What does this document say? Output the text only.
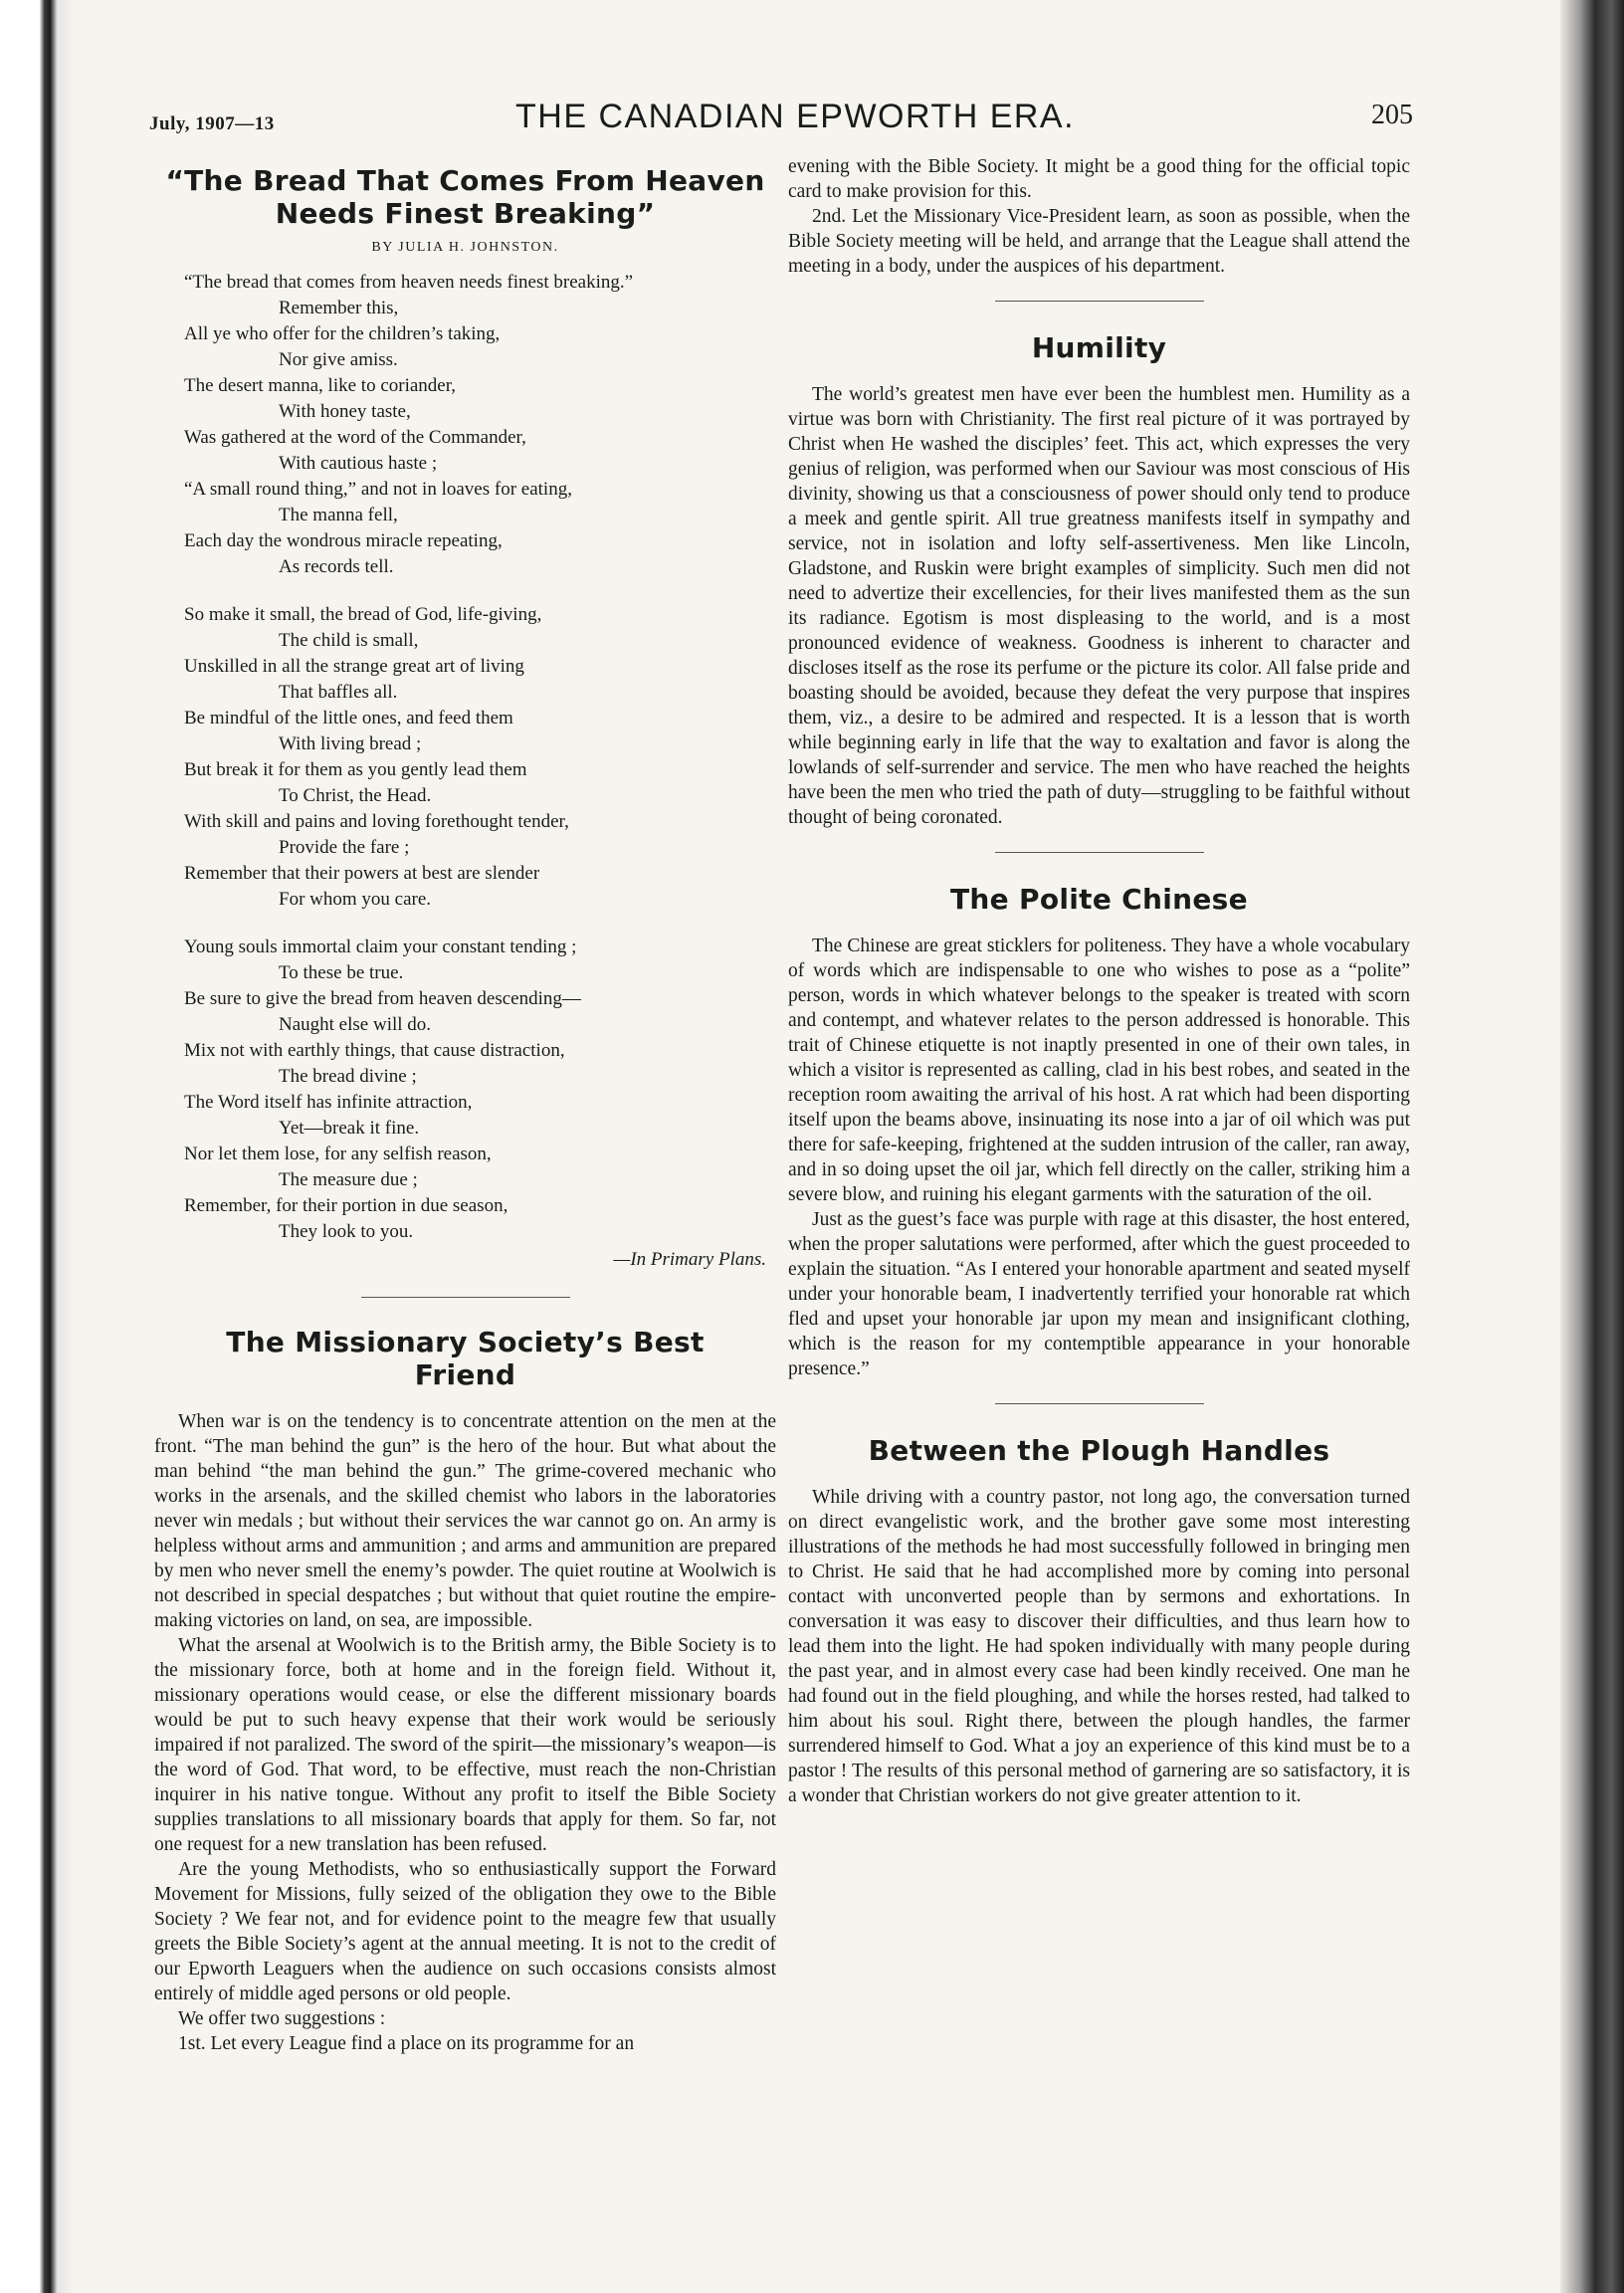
July, 1907—13	THE CANADIAN EPWORTH ERA.	205
“The Bread That Comes From Heaven Needs Finest Breaking”
BY JULIA H. JOHNSTON.
“The bread that comes from heaven needs finest breaking.”
Remember this,
All ye who offer for the children’s taking,
Nor give amiss.
The desert manna, like to coriander,
With honey taste,
Was gathered at the word of the Commander,
With cautious haste ;
“A small round thing,” and not in loaves for eating,
The manna fell,
Each day the wondrous miracle repeating,
As records tell.
So make it small, the bread of God, life-giving,
The child is small,
Unskilled in all the strange great art of living
That baffles all.
Be mindful of the little ones, and feed them
With living bread ;
But break it for them as you gently lead them
To Christ, the Head.
With skill and pains and loving forethought tender,
Provide the fare ;
Remember that their powers at best are slender
For whom you care.
Young souls immortal claim your constant tending ;
To these be true.
Be sure to give the bread from heaven descending—
Naught else will do.
Mix not with earthly things, that cause distraction,
The bread divine ;
The Word itself has infinite attraction,
Yet—break it fine.
Nor let them lose, for any selfish reason,
The measure due ;
Remember, for their portion in due season,
They look to you.
—In Primary Plans.
The Missionary Society’s Best Friend

When war is on the tendency is to concentrate attention on the men at the front. “The man behind the gun” is the hero of the hour. But what about the man behind “the man behind the gun.” The grime-covered mechanic who works in the arsenals, and the skilled chemist who labors in the laboratories never win medals ; but without their services the war cannot go on. An army is helpless without arms and ammunition ; and arms and ammunition are prepared by men who never smell the enemy’s powder. The quiet routine at Woolwich is not described in special despatches ; but without that quiet routine the empire-making victories on land, on sea, are impossible.

What the arsenal at Woolwich is to the British army, the Bible Society is to the missionary force, both at home and in the foreign field. Without it, missionary operations would cease, or else the different missionary boards would be put to such heavy expense that their work would be seriously impaired if not paralized. The sword of the spirit—the missionary’s weapon—is the word of God. That word, to be effective, must reach the non-Christian inquirer in his native tongue. Without any profit to itself the Bible Society supplies translations to all missionary boards that apply for them. So far, not one request for a new translation has been refused.

Are the young Methodists, who so enthusiastically support the Forward Movement for Missions, fully seized of the obligation they owe to the Bible Society ? We fear not, and for evidence point to the meagre few that usually greets the Bible Society’s agent at the annual meeting. It is not to the credit of our Epworth Leaguers when the audience on such occasions consists almost entirely of middle aged persons or old people.

We offer two suggestions :

1st. Let every League find a place on its programme for an

evening with the Bible Society. It might be a good thing for the official topic card to make provision for this.

2nd. Let the Missionary Vice-President learn, as soon as possible, when the Bible Society meeting will be held, and arrange that the League shall attend the meeting in a body, under the auspices of his department.

Humility

The world’s greatest men have ever been the humblest men. Humility as a virtue was born with Christianity. The first real picture of it was portrayed by Christ when He washed the disciples’ feet. This act, which expresses the very genius of religion, was performed when our Saviour was most conscious of His divinity, showing us that a consciousness of power should only tend to produce a meek and gentle spirit. All true greatness manifests itself in sympathy and service, not in isolation and lofty self-assertiveness. Men like Lincoln, Gladstone, and Ruskin were bright examples of simplicity. Such men did not need to advertize their excellencies, for their lives manifested them as the sun its radiance. Egotism is most displeasing to the world, and is a most pronounced evidence of weakness. Goodness is inherent to character and discloses itself as the rose its perfume or the picture its color. All false pride and boasting should be avoided, because they defeat the very purpose that inspires them, viz., a desire to be admired and respected. It is a lesson that is worth while beginning early in life that the way to exaltation and favor is along the lowlands of self-surrender and service. The men who have reached the heights have been the men who tried the path of duty—struggling to be faithful without thought of being coronated.

The Polite Chinese

The Chinese are great sticklers for politeness. They have a whole vocabulary of words which are indispensable to one who wishes to pose as a “polite” person, words in which whatever belongs to the speaker is treated with scorn and contempt, and whatever relates to the person addressed is honorable. This trait of Chinese etiquette is not inaptly presented in one of their own tales, in which a visitor is represented as calling, clad in his best robes, and seated in the reception room awaiting the arrival of his host. A rat which had been disporting itself upon the beams above, insinuating its nose into a jar of oil which was put there for safe-keeping, frightened at the sudden intrusion of the caller, ran away, and in so doing upset the oil jar, which fell directly on the caller, striking him a severe blow, and ruining his elegant garments with the saturation of the oil.

Just as the guest’s face was purple with rage at this disaster, the host entered, when the proper salutations were performed, after which the guest proceeded to explain the situation. “As I entered your honorable apartment and seated myself under your honorable beam, I inadvertently terrified your honorable rat which fled and upset your honorable jar upon my mean and insignificant clothing, which is the reason for my contemptible appearance in your honorable presence.”

Between the Plough Handles

While driving with a country pastor, not long ago, the conversation turned on direct evangelistic work, and the brother gave some most interesting illustrations of the methods he had most successfully followed in bringing men to Christ. He said that he had accomplished more by coming into personal contact with unconverted people than by sermons and exhortations. In conversation it was easy to discover their difficulties, and thus learn how to lead them into the light. He had spoken individually with many people during the past year, and in almost every case had been kindly received. One man he had found out in the field ploughing, and while the horses rested, had talked to him about his soul. Right there, between the plough handles, the farmer surrendered himself to God. What a joy an experience of this kind must be to a pastor ! The results of this personal method of garnering are so satisfactory, it is a wonder that Christian workers do not give greater attention to it.
